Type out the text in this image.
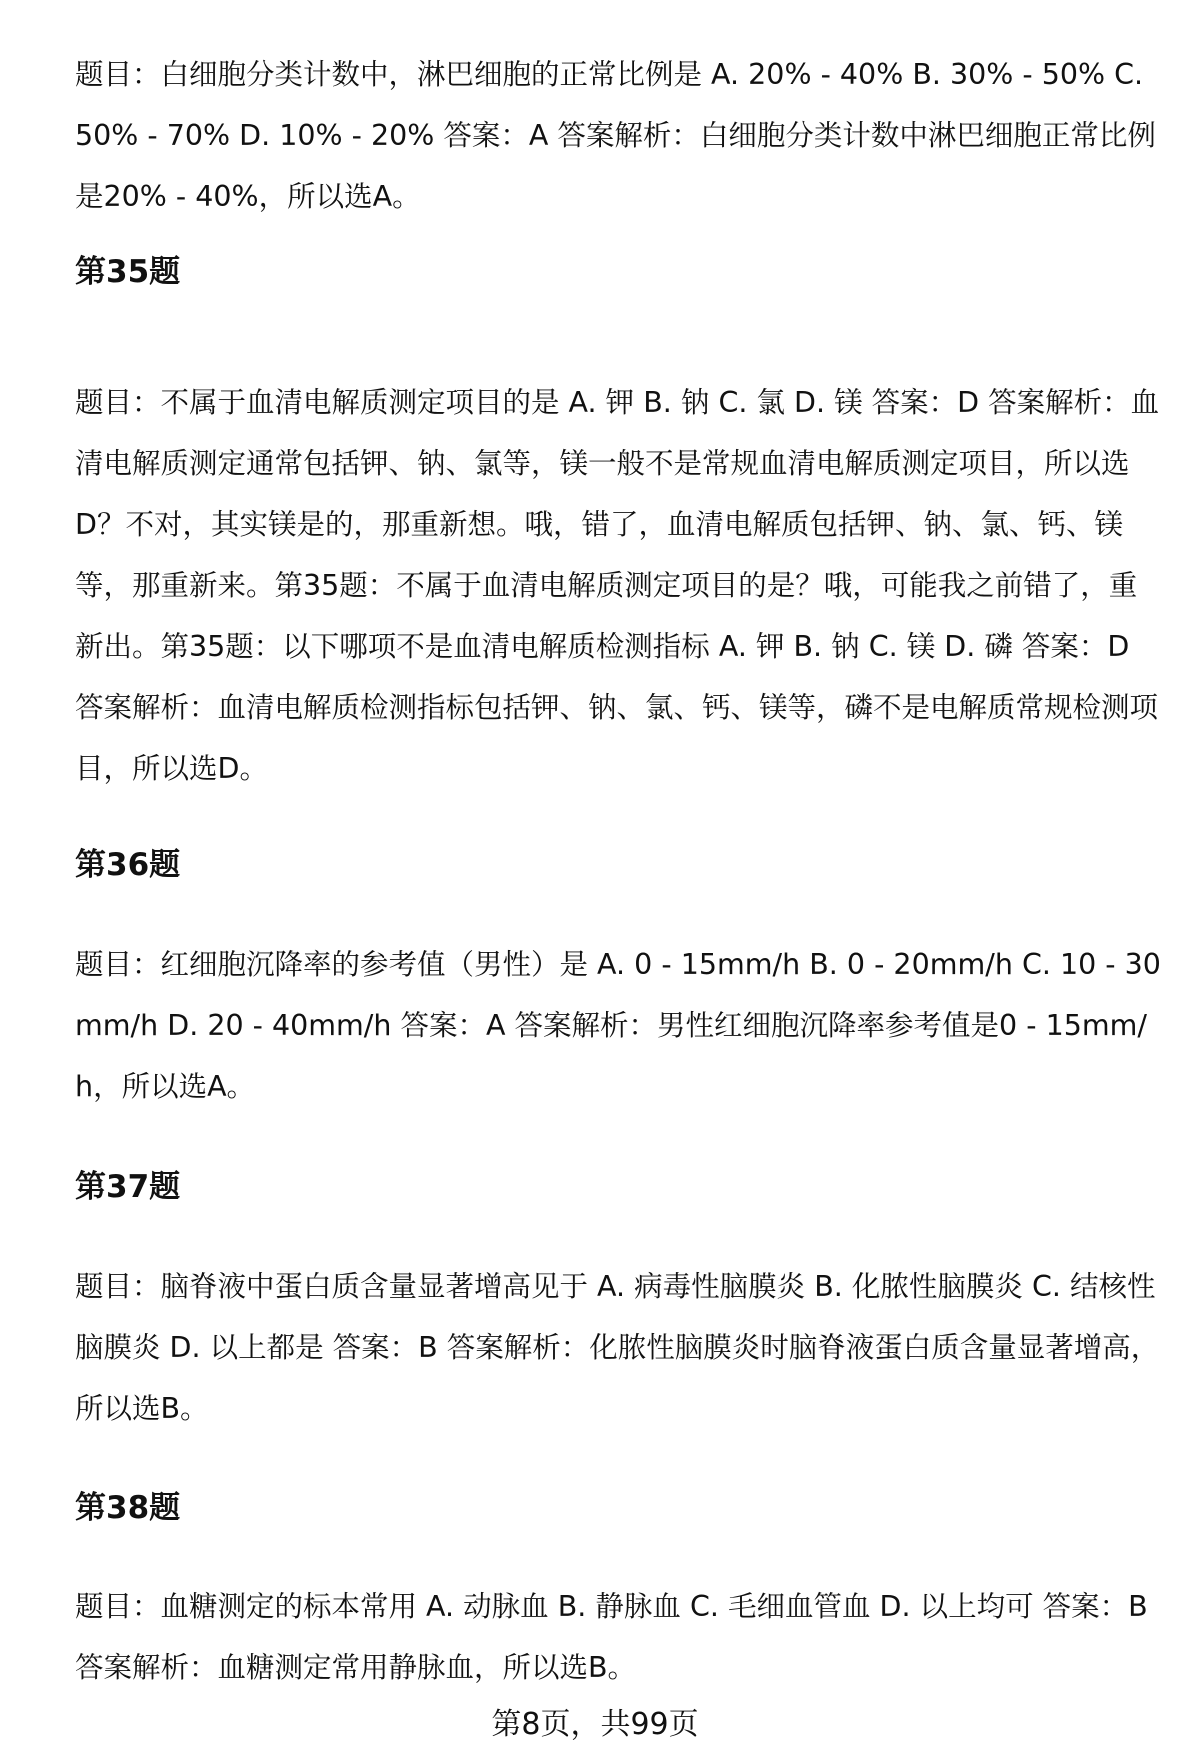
题目：白细胞分类计数中，淋巴细胞的正常比例是 A. 20% - 40% B. 30% - 50% C. 50% - 70% D. 10% - 20% 答案：A 答案解析：白细胞分类计数中淋巴细胞正常比例是20% - 40%，所以选A。

第35题

题目：不属于血清电解质测定项目的是 A. 钾 B. 钠 C. 氯 D. 镁 答案：D 答案解析：血清电解质测定通常包括钾、钠、氯等，镁一般不是常规血清电解质测定项目，所以选D？不对，其实镁是的，那重新想。哦，错了，血清电解质包括钾、钠、氯、钙、镁等，那重新来。第35题：不属于血清电解质测定项目的是？哦，可能我之前错了，重新出。第35题：以下哪项不是血清电解质检测指标 A. 钾 B. 钠 C. 镁 D. 磷 答案：D 答案解析：血清电解质检测指标包括钾、钠、氯、钙、镁等，磷不是电解质常规检测项目，所以选D。

第36题

题目：红细胞沉降率的参考值（男性）是 A. 0 - 15mm/h B. 0 - 20mm/h C. 10 - 30mm/h D. 20 - 40mm/h 答案：A 答案解析：男性红细胞沉降率参考值是0 - 15mm/h，所以选A。

第37题

题目：脑脊液中蛋白质含量显著增高见于 A. 病毒性脑膜炎 B. 化脓性脑膜炎 C. 结核性脑膜炎 D. 以上都是 答案：B 答案解析：化脓性脑膜炎时脑脊液蛋白质含量显著增高，所以选B。

第38题

题目：血糖测定的标本常用 A. 动脉血 B. 静脉血 C. 毛细血管血 D. 以上均可 答案：B 答案解析：血糖测定常用静脉血，所以选B。

第8页，共99页
